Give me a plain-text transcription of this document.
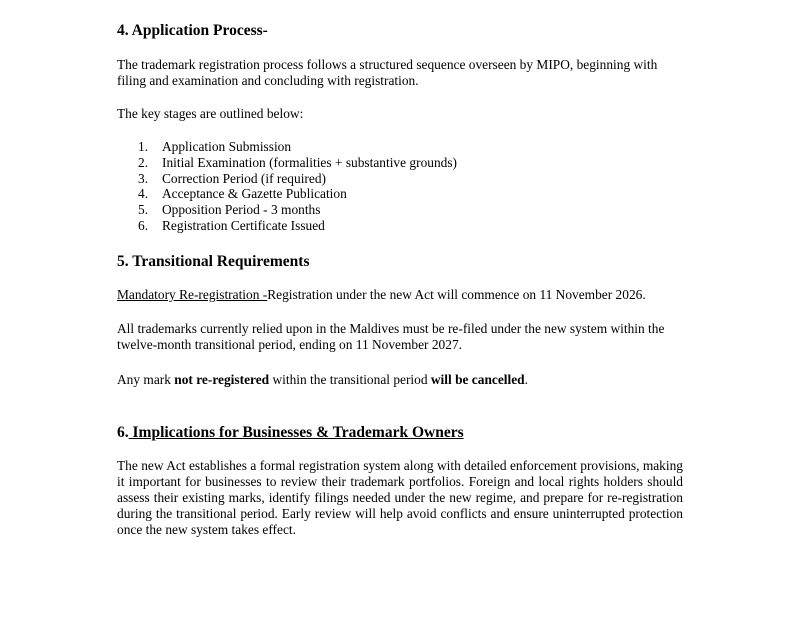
4. Application Process-
The trademark registration process follows a structured sequence overseen by MIPO, beginning with filing and examination and concluding with registration.
The key stages are outlined below:
1. Application Submission
2. Initial Examination (formalities + substantive grounds)
3. Correction Period (if required)
4. Acceptance & Gazette Publication
5. Opposition Period - 3 months
6. Registration Certificate Issued
5. Transitional Requirements
Mandatory Re-registration -Registration under the new Act will commence on 11 November 2026.
All trademarks currently relied upon in the Maldives must be re-filed under the new system within the twelve-month transitional period, ending on 11 November 2027.
Any mark not re-registered within the transitional period will be cancelled.
6. Implications for Businesses & Trademark Owners
The new Act establishes a formal registration system along with detailed enforcement provisions, making it important for businesses to review their trademark portfolios. Foreign and local rights holders should assess their existing marks, identify filings needed under the new regime, and prepare for re-registration during the transitional period. Early review will help avoid conflicts and ensure uninterrupted protection once the new system takes effect.
